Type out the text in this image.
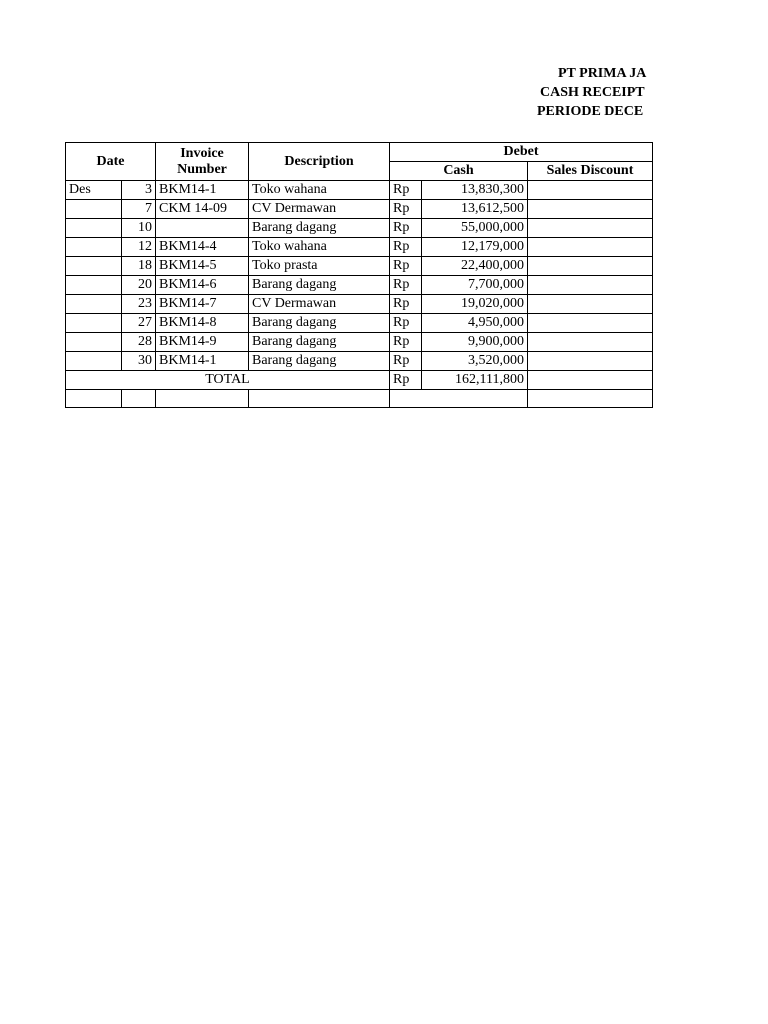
PT PRIMA JA
CASH RECEIPT
PERIODE DECE
Date		Invoice Number	Description	Debet		
				Cash		Sales Discount
Des	3	BKM14-1	Toko wahana	Rp	13,830,300	
	7	CKM 14-09	CV Dermawan	Rp	13,612,500	
	10		Barang dagang	Rp	55,000,000	
	12	BKM14-4	Toko wahana	Rp	12,179,000	
	18	BKM14-5	Toko prasta	Rp	22,400,000	
	20	BKM14-6	Barang dagang	Rp	7,700,000	
	23	BKM14-7	CV Dermawan	Rp	19,020,000	
	27	BKM14-8	Barang dagang	Rp	4,950,000	
	28	BKM14-9	Barang dagang	Rp	9,900,000	
	30	BKM14-1	Barang dagang	Rp	3,520,000	
TOTAL				Rp	162,111,800	
